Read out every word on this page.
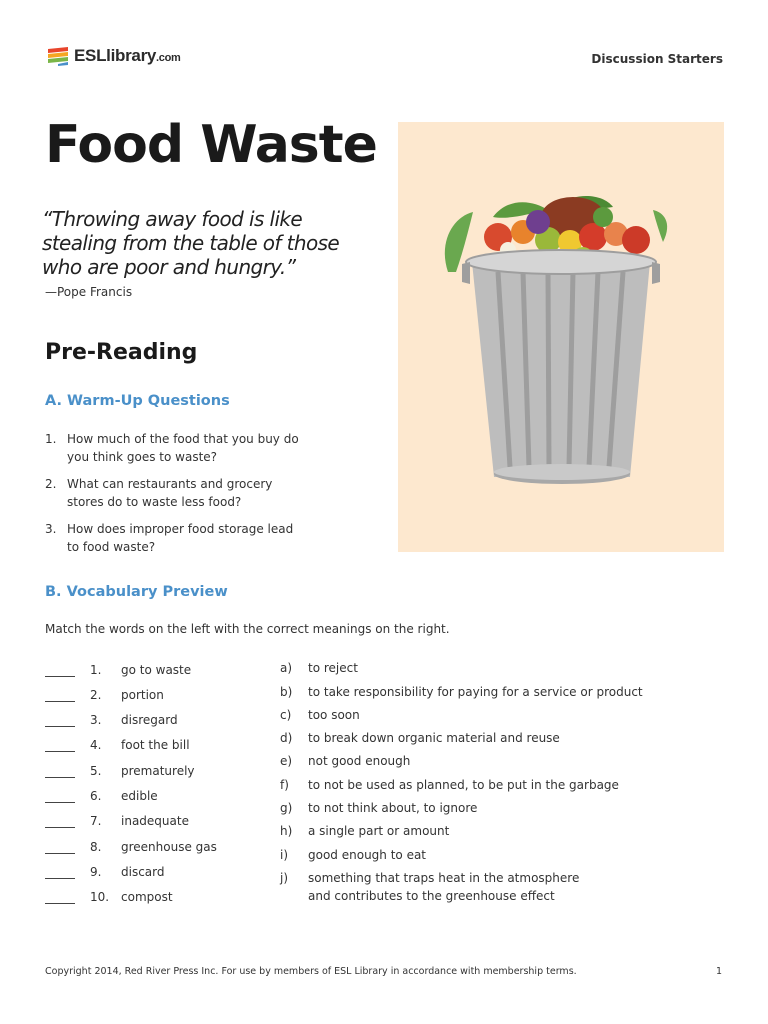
ESLlibrary.com	Discussion Starters
Food Waste
“Throwing away food is like stealing from the table of those who are poor and hungry.”
—Pope Francis
Pre-Reading
A. Warm-Up Questions
1. How much of the food that you buy do you think goes to waste?
2. What can restaurants and grocery stores do to waste less food?
3. How does improper food storage lead to food waste?
B. Vocabulary Preview
Match the words on the left with the correct meanings on the right.
1.	go to waste
2.	portion
3.	disregard
4.	foot the bill
5.	prematurely
6.	edible
7.	inadequate
8.	greenhouse gas
9.	discard
10. compost
a)	to reject
b)	to take responsibility for paying for a service or product
c)	too soon
d)	to break down organic material and reuse
e)	not good enough
f)	to not be used as planned, to be put in the garbage
g)	to not think about, to ignore
h)	a single part or amount
i)	good enough to eat
j)	something that traps heat in the atmosphere and contributes to the greenhouse effect
Copyright 2014, Red River Press Inc. For use by members of ESL Library in accordance with membership terms.	1
